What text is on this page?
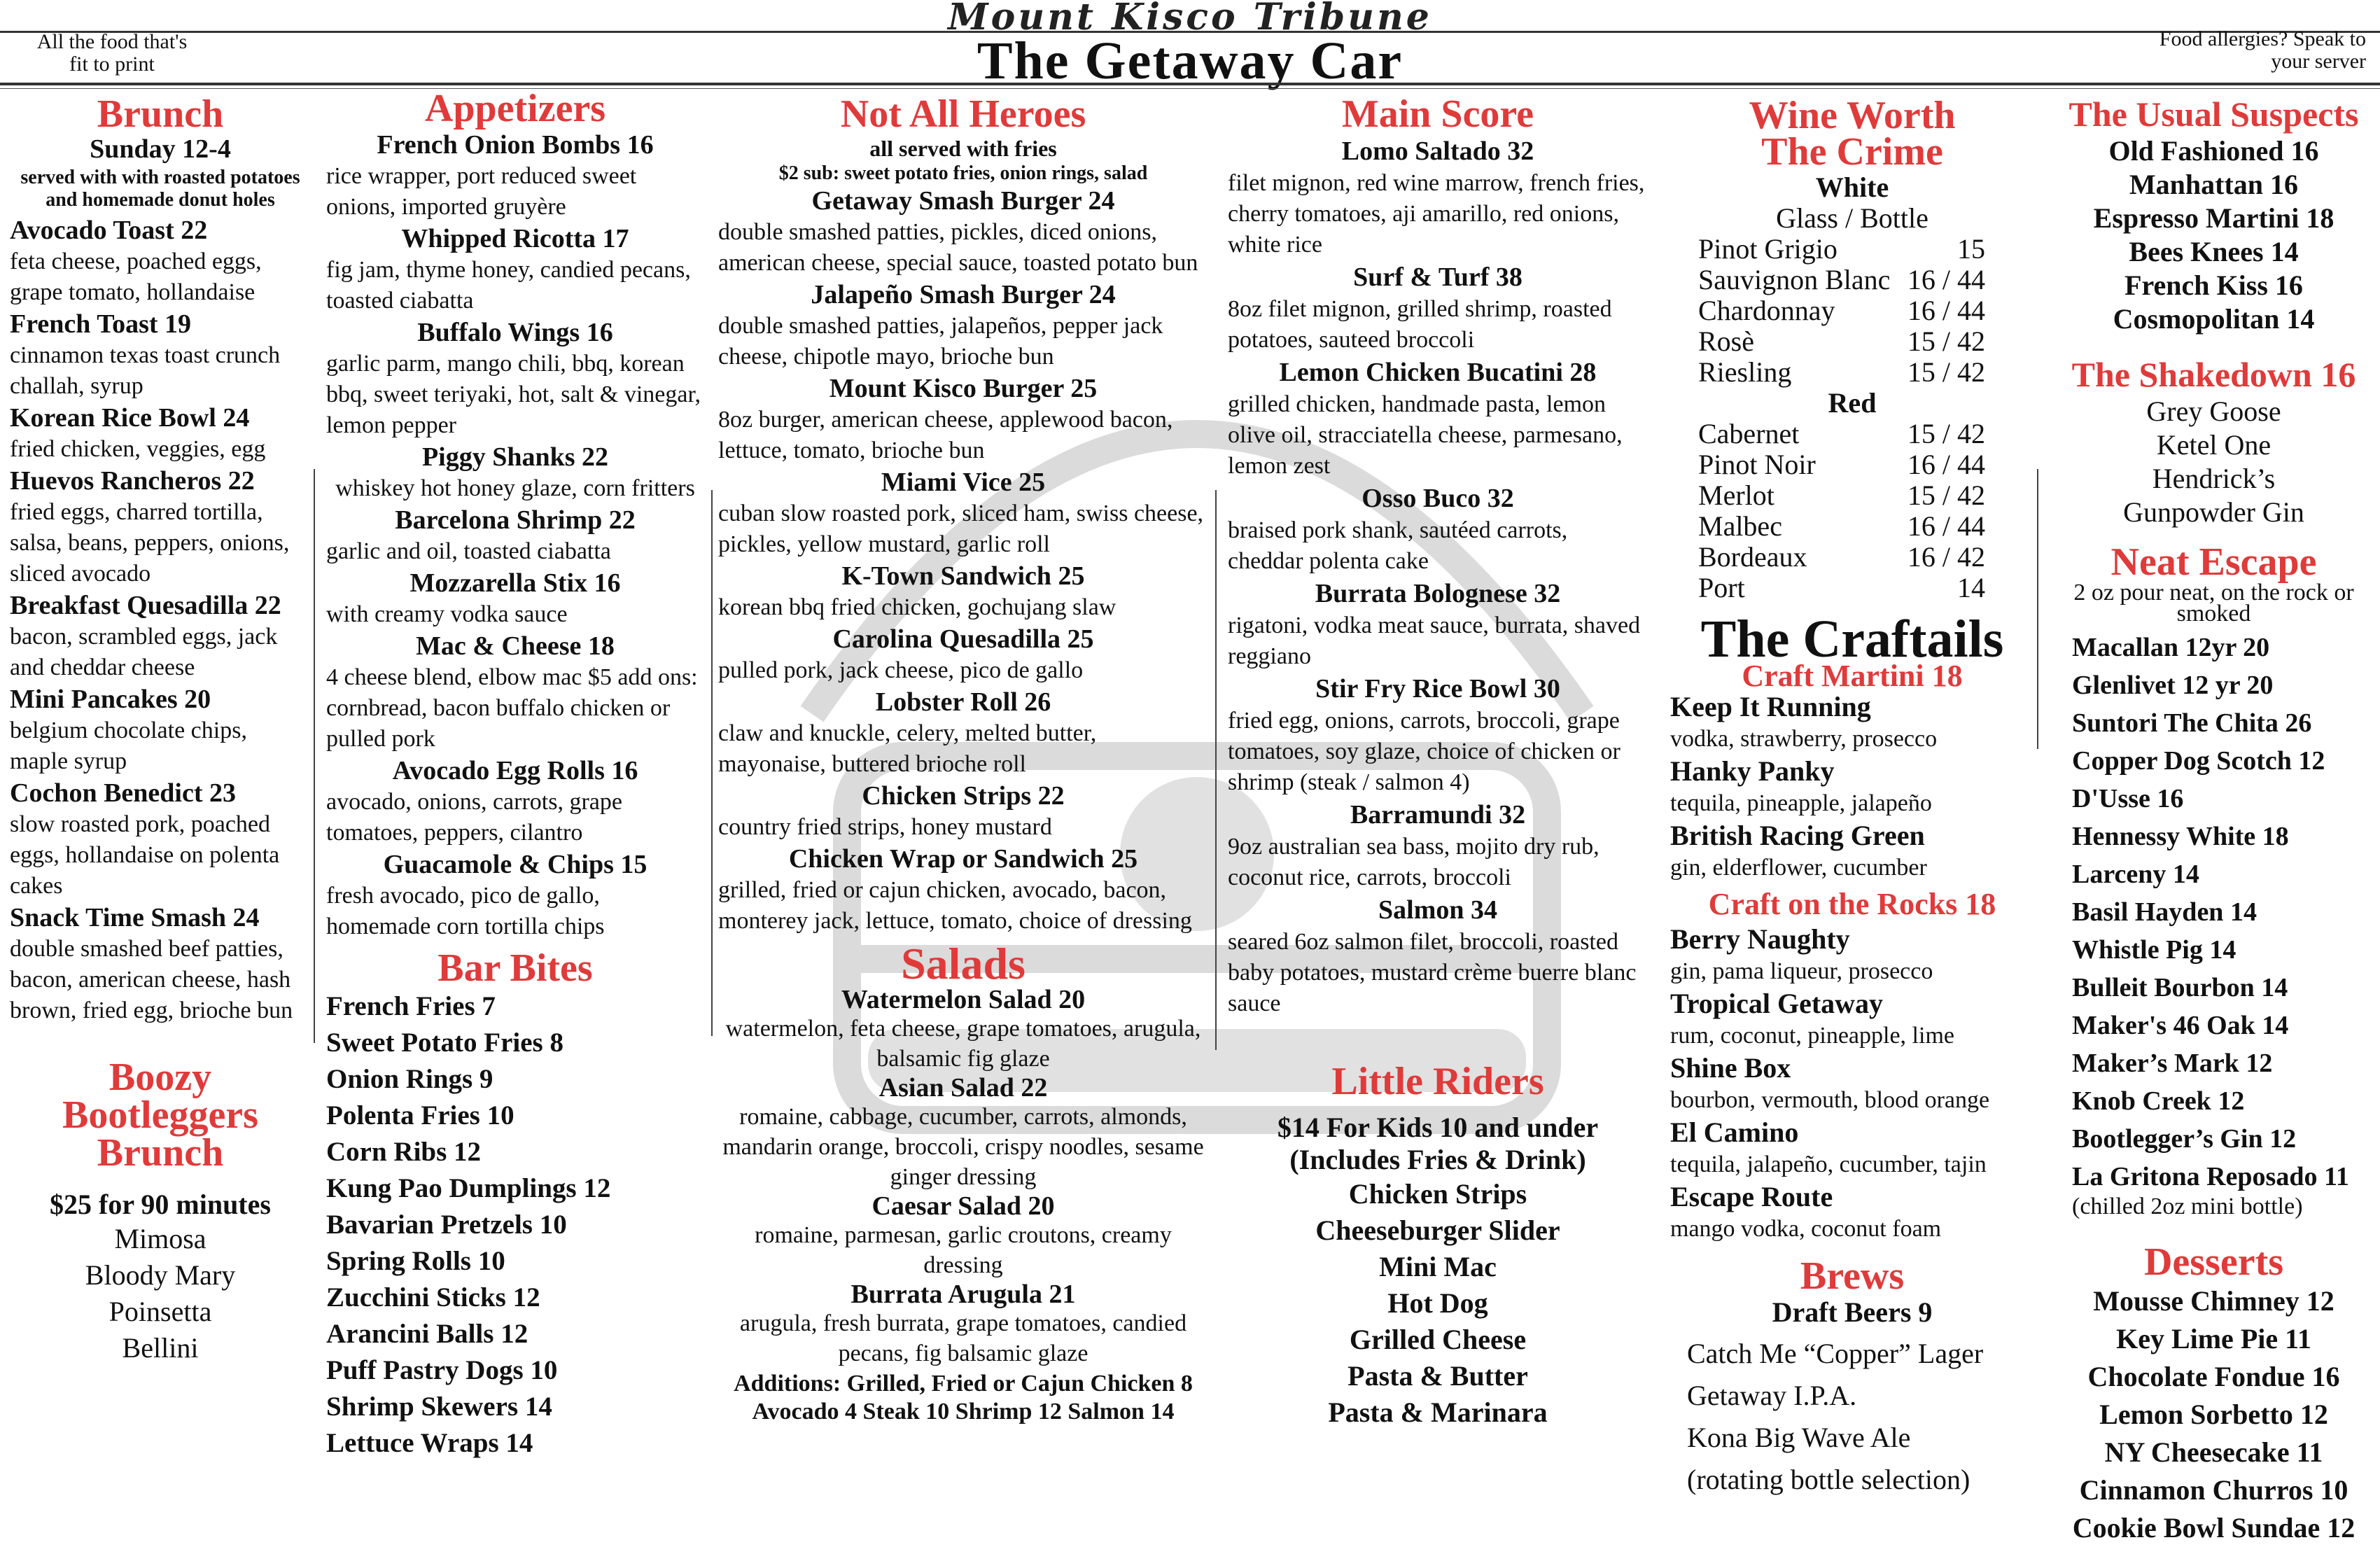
Mount Kisco Tribune
All the food that's fit to print	The Getaway Car	Food allergies? Speak to your server
Brunch
Sunday 12-4
served with with roasted potatoes and homemade donut holes
Avocado Toast 22
feta cheese, poached eggs, grape tomato, hollandaise
French Toast 19
cinnamon texas toast crunch challah, syrup
Korean Rice Bowl 24
fried chicken, veggies, egg
Huevos Rancheros 22
fried eggs, charred tortilla, salsa, beans, peppers, onions, sliced avocado
Breakfast Quesadilla 22
bacon, scrambled eggs, jack and cheddar cheese
Mini Pancakes 20
belgium chocolate chips, maple syrup
Cochon Benedict 23
slow roasted pork, poached eggs, hollandaise on polenta cakes
Snack Time Smash 24
double smashed beef patties, bacon, american cheese, hash brown, fried egg, brioche bun
Boozy Bootleggers Brunch
$25 for 90 minutes
Mimosa
Bloody Mary
Poinsetta
Bellini
Appetizers
French Onion Bombs 16
rice wrapper, port reduced sweet onions, imported gruyère
Whipped Ricotta 17
fig jam, thyme honey, candied pecans, toasted ciabatta
Buffalo Wings 16
garlic parm, mango chili, bbq, korean bbq, sweet teriyaki, hot, salt & vinegar, lemon pepper
Piggy Shanks 22
whiskey hot honey glaze, corn fritters
Barcelona Shrimp 22
garlic and oil, toasted ciabatta
Mozzarella Stix 16
with creamy vodka sauce
Mac & Cheese 18
4 cheese blend, elbow mac $5 add ons: cornbread, bacon buffalo chicken or pulled pork
Avocado Egg Rolls 16
avocado, onions, carrots, grape tomatoes, peppers, cilantro
Guacamole & Chips 15
fresh avocado, pico de gallo, homemade corn tortilla chips
Bar Bites
French Fries 7
Sweet Potato Fries 8
Onion Rings 9
Polenta Fries 10
Corn Ribs 12
Kung Pao Dumplings 12
Bavarian Pretzels 10
Spring Rolls 10
Zucchini Sticks 12
Arancini Balls 12
Puff Pastry Dogs 10
Shrimp Skewers 14
Lettuce Wraps 14
Not All Heroes
all served with fries
$2 sub: sweet potato fries, onion rings, salad
Getaway Smash Burger 24
double smashed patties, pickles, diced onions, american cheese, special sauce, toasted potato bun
Jalapeño Smash Burger 24
double smashed patties, jalapeños, pepper jack cheese, chipotle mayo, brioche bun
Mount Kisco Burger 25
8oz burger, american cheese, applewood bacon, lettuce, tomato, brioche bun
Miami Vice 25
cuban slow roasted pork, sliced ham, swiss cheese, pickles, yellow mustard, garlic roll
K-Town Sandwich 25
korean bbq fried chicken, gochujang slaw
Carolina Quesadilla 25
pulled pork, jack cheese, pico de gallo
Lobster Roll 26
claw and knuckle, celery, melted butter, mayonaise, buttered brioche roll
Chicken Strips 22
country fried strips, honey mustard
Chicken Wrap or Sandwich 25
grilled, fried or cajun chicken, avocado, bacon, monterey jack, lettuce, tomato, choice of dressing
Salads
Watermelon Salad 20
watermelon, feta cheese, grape tomatoes, arugula, balsamic fig glaze
Asian Salad 22
romaine, cabbage, cucumber, carrots, almonds, mandarin orange, broccoli, crispy noodles, sesame ginger dressing
Caesar Salad 20
romaine, parmesan, garlic croutons, creamy dressing
Burrata Arugula 21
arugula, fresh burrata, grape tomatoes, candied pecans, fig balsamic glaze
Additions: Grilled, Fried or Cajun Chicken 8
Avocado 4 Steak 10 Shrimp 12 Salmon 14
Main Score
Lomo Saltado 32
filet mignon, red wine marrow, french fries, cherry tomatoes, aji amarillo, red onions, white rice
Surf & Turf 38
8oz filet mignon, grilled shrimp, roasted potatoes, sauteed broccoli
Lemon Chicken Bucatini 28
grilled chicken, handmade pasta, lemon olive oil, stracciatella cheese, parmesano, lemon zest
Osso Buco 32
braised pork shank, sautéed carrots, cheddar polenta cake
Burrata Bolognese 32
rigatoni, vodka meat sauce, burrata, shaved reggiano
Stir Fry Rice Bowl 30
fried egg, onions, carrots, broccoli, grape tomatoes, soy glaze, choice of chicken or shrimp (steak / salmon 4)
Barramundi 32
9oz australian sea bass, mojito dry rub, coconut rice, carrots, broccoli
Salmon 34
seared 6oz salmon filet, broccoli, roasted baby potatoes, mustard crème buerre blanc sauce
Little Riders
$14 For Kids 10 and under
(Includes Fries & Drink)
Chicken Strips
Cheeseburger Slider
Mini Mac
Hot Dog
Grilled Cheese
Pasta & Butter
Pasta & Marinara
Wine Worth
The Crime
White
Glass / Bottle
Pinot Grigio	15
Sauvignon Blanc 16 / 44
Chardonnay	16 / 44
Rosè	15 / 42
Riesling	15 / 42
Red
Cabernet	15 / 42
Pinot Noir	16 / 44
Merlot	15 / 42
Malbec	16 / 44
Bordeaux	16 / 42
Port	14
The Craftails
Craft Martini 18
Keep It Running
vodka, strawberry, prosecco
Hanky Panky
tequila, pineapple, jalapeño
British Racing Green
gin, elderflower, cucumber
Craft on the Rocks 18
Berry Naughty
gin, pama liqueur, prosecco
Tropical Getaway
rum, coconut, pineapple, lime
Shine Box
bourbon, vermouth, blood orange
El Camino
tequila, jalapeño, cucumber, tajin
Escape Route
mango vodka, coconut foam
Brews
Draft Beers 9
Catch Me “Copper” Lager
Getaway I.P.A.
Kona Big Wave Ale
(rotating bottle selection)
The Usual Suspects
Old Fashioned 16
Manhattan 16
Espresso Martini 18
Bees Knees 14
French Kiss 16
Cosmopolitan 14
The Shakedown 16
Grey Goose
Ketel One
Hendrick’s
Gunpowder Gin
Neat Escape
2 oz pour neat, on the rock or smoked
Macallan 12yr 20
Glenlivet 12 yr 20
Suntori The Chita 26
Copper Dog Scotch 12
D'Usse 16
Hennessy White 18
Larceny 14
Basil Hayden 14
Whistle Pig 14
Bulleit Bourbon 14
Maker's 46 Oak 14
Maker’s Mark 12
Knob Creek 12
Bootlegger’s Gin 12
La Gritona Reposado 11
(chilled 2oz mini bottle)
Desserts
Mousse Chimney 12
Key Lime Pie 11
Chocolate Fondue 16
Lemon Sorbetto 12
NY Cheesecake 11
Cinnamon Churros 10
Cookie Bowl Sundae 12
